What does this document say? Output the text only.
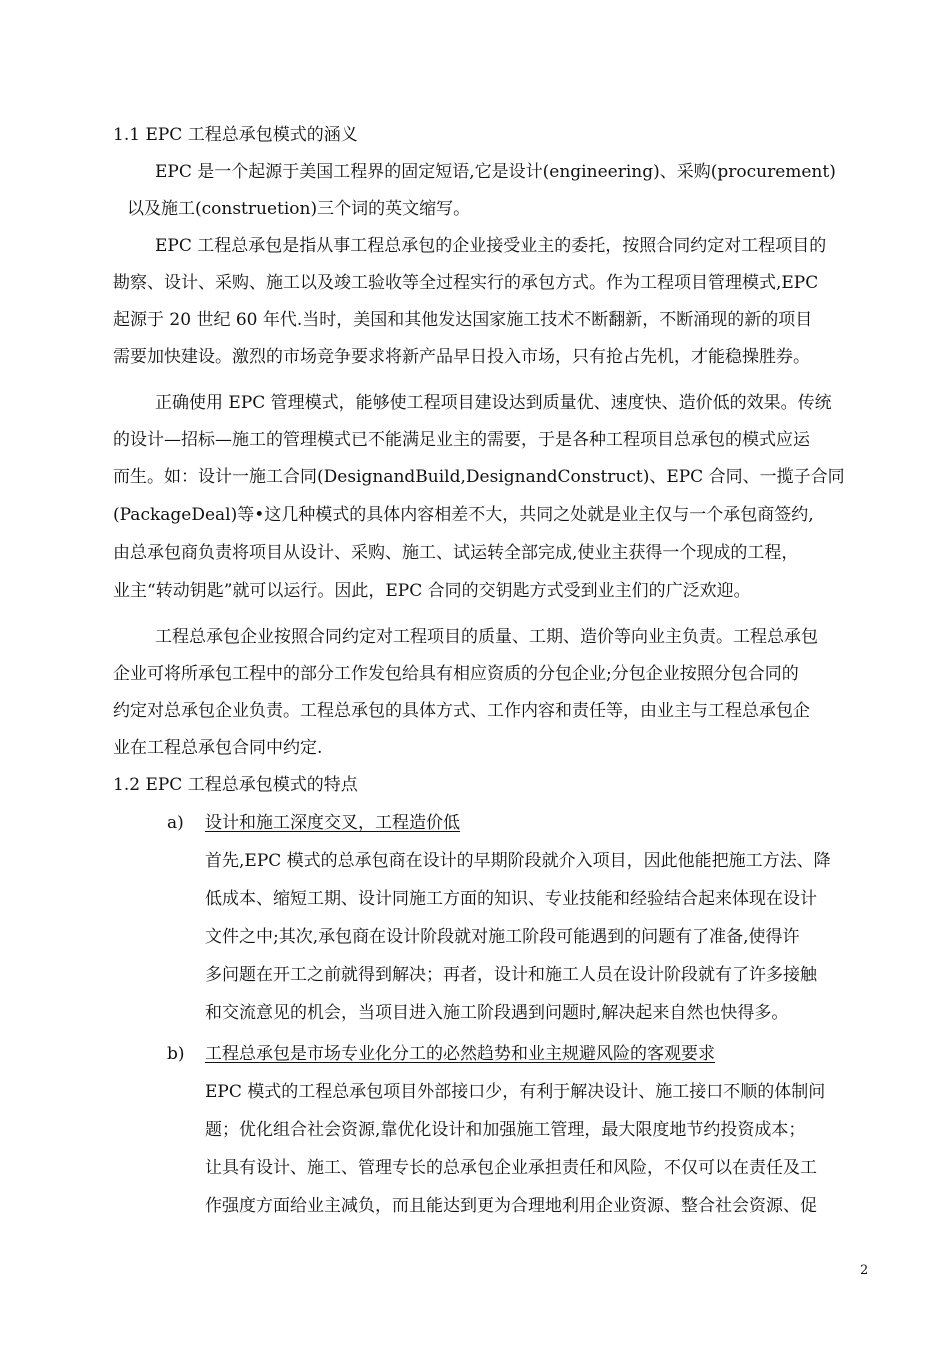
1.1 EPC 工程总承包模式的涵义
EPC 是一个起源于美国工程界的固定短语,它是设计(engineering)、采购(procurement)
以及施工(construetion)三个词的英文缩写。
EPC 工程总承包是指从事工程总承包的企业接受业主的委托，按照合同约定对工程项目的
勘察、设计、采购、施工以及竣工验收等全过程实行的承包方式。作为工程项目管理模式,EPC
起源于 20 世纪 60 年代.当时，美国和其他发达国家施工技术不断翻新，不断涌现的新的项目
需要加快建设。激烈的市场竞争要求将新产品早日投入市场，只有抢占先机，才能稳操胜券。
正确使用 EPC 管理模式，能够使工程项目建设达到质量优、速度快、造价低的效果。传统
的设计—招标—施工的管理模式已不能满足业主的需要，于是各种工程项目总承包的模式应运
而生。如：设计一施工合同(DesignandBuild,DesignandConstruct)、EPC 合同、一揽子合同
(PackageDeal)等•这几种模式的具体内容相差不大，共同之处就是业主仅与一个承包商签约,
由总承包商负责将项目从设计、采购、施工、试运转全部完成,使业主获得一个现成的工程，
业主“转动钥匙”就可以运行。因此，EPC 合同的交钥匙方式受到业主们的广泛欢迎。
工程总承包企业按照合同约定对工程项目的质量、工期、造价等向业主负责。工程总承包
企业可将所承包工程中的部分工作发包给具有相应资质的分包企业;分包企业按照分包合同的
约定对总承包企业负责。工程总承包的具体方式、工作内容和责任等，由业主与工程总承包企
业在工程总承包合同中约定.
1.2 EPC 工程总承包模式的特点
a) 设计和施工深度交叉，工程造价低
首先,EPC 模式的总承包商在设计的早期阶段就介入项目，因此他能把施工方法、降
低成本、缩短工期、设计同施工方面的知识、专业技能和经验结合起来体现在设计
文件之中;其次,承包商在设计阶段就对施工阶段可能遇到的问题有了准备,使得许
多问题在开工之前就得到解决；再者，设计和施工人员在设计阶段就有了许多接触
和交流意见的机会，当项目进入施工阶段遇到问题时,解决起来自然也快得多。
b) 工程总承包是市场专业化分工的必然趋势和业主规避风险的客观要求
EPC 模式的工程总承包项目外部接口少，有利于解决设计、施工接口不顺的体制问
题；优化组合社会资源,靠优化设计和加强施工管理，最大限度地节约投资成本；
让具有设计、施工、管理专长的总承包企业承担责任和风险，不仅可以在责任及工
作强度方面给业主减负，而且能达到更为合理地利用企业资源、整合社会资源、促
2
